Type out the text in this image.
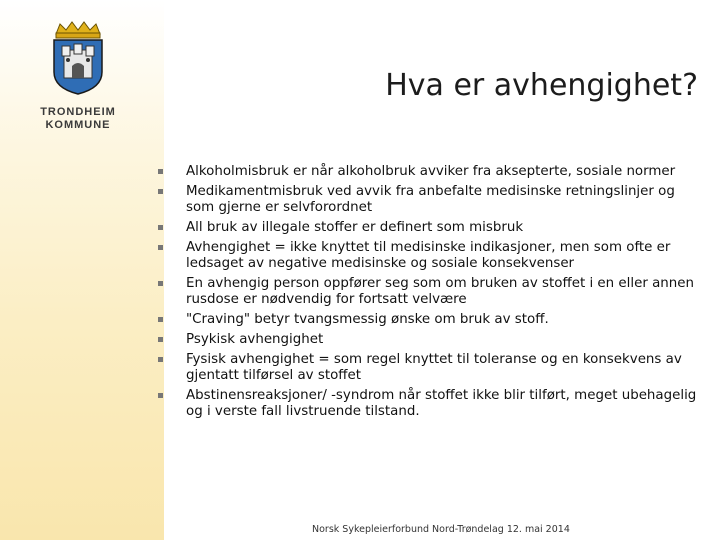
TRONDHEIM
KOMMUNE
Hva er avhengighet?
Alkoholmisbruk er når alkoholbruk avviker fra aksepterte, sosiale normer
Medikamentmisbruk ved avvik fra anbefalte medisinske retningslinjer og som gjerne er selvforordnet
All bruk av illegale stoffer er definert som misbruk
Avhengighet = ikke knyttet til medisinske indikasjoner, men som ofte er ledsaget av negative medisinske og sosiale konsekvenser
En avhengig person oppfører seg som om bruken av stoffet i en eller annen rusdose er nødvendig for fortsatt velvære
"Craving" betyr tvangsmessig ønske om bruk av stoff.
Psykisk avhengighet
Fysisk avhengighet = som regel knyttet til toleranse og en konsekvens av gjentatt tilførsel av stoffet
Abstinensreaksjoner/ -syndrom når stoffet ikke blir tilført, meget ubehagelig og i verste fall livstruende tilstand.
Norsk Sykepleierforbund Nord-Trøndelag 12. mai 2014
